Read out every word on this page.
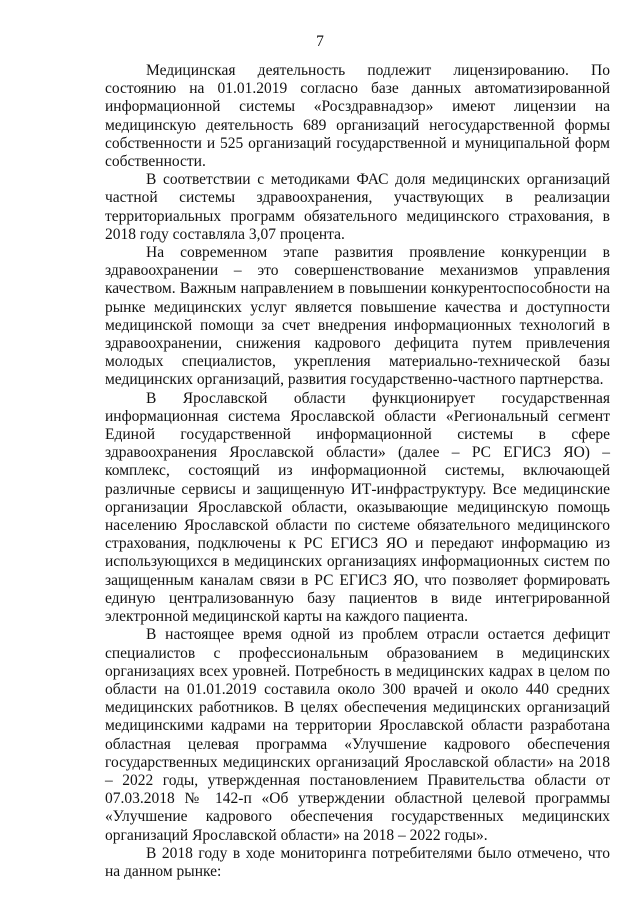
7

Медицинская деятельность подлежит лицензированию. По состоянию на 01.01.2019 согласно базе данных автоматизированной информационной системы «Росздравнадзор» имеют лицензии на медицинскую деятельность 689 организаций негосударственной формы собственности и 525 организаций государственной и муниципальной форм собственности.

В соответствии с методиками ФАС доля медицинских организаций частной системы здравоохранения, участвующих в реализации территориальных программ обязательного медицинского страхования, в 2018 году составляла 3,07 процента.

На современном этапе развития проявление конкуренции в здравоохранении – это совершенствование механизмов управления качеством. Важным направлением в повышении конкурентоспособности на рынке медицинских услуг является повышение качества и доступности медицинской помощи за счет внедрения информационных технологий в здравоохранении, снижения кадрового дефицита путем привлечения молодых специалистов, укрепления материально-технической базы медицинских организаций, развития государственно-частного партнерства.

В Ярославской области функционирует государственная информационная система Ярославской области «Региональный сегмент Единой государственной информационной системы в сфере здравоохранения Ярославской области» (далее – РС ЕГИСЗ ЯО) – комплекс, состоящий из информационной системы, включающей различные сервисы и защищенную ИТ-инфраструктуру. Все медицинские организации Ярославской области, оказывающие медицинскую помощь населению Ярославской области по системе обязательного медицинского страхования, подключены к РС ЕГИСЗ ЯО и передают информацию из использующихся в медицинских организациях информационных систем по защищенным каналам связи в РС ЕГИСЗ ЯО, что позволяет формировать единую централизованную базу пациентов в виде интегрированной электронной медицинской карты на каждого пациента.

В настоящее время одной из проблем отрасли остается дефицит специалистов с профессиональным образованием в медицинских организациях всех уровней. Потребность в медицинских кадрах в целом по области на 01.01.2019 составила около 300 врачей и около 440 средних медицинских работников. В целях обеспечения медицинских организаций медицинскими кадрами на территории Ярославской области разработана областная целевая программа «Улучшение кадрового обеспечения государственных медицинских организаций Ярославской области» на 2018 – 2022 годы, утвержденная постановлением Правительства области от 07.03.2018 № 142-п «Об утверждении областной целевой программы «Улучшение кадрового обеспечения государственных медицинских организаций Ярославской области» на 2018 – 2022 годы».

В 2018 году в ходе мониторинга потребителями было отмечено, что на данном рынке:
